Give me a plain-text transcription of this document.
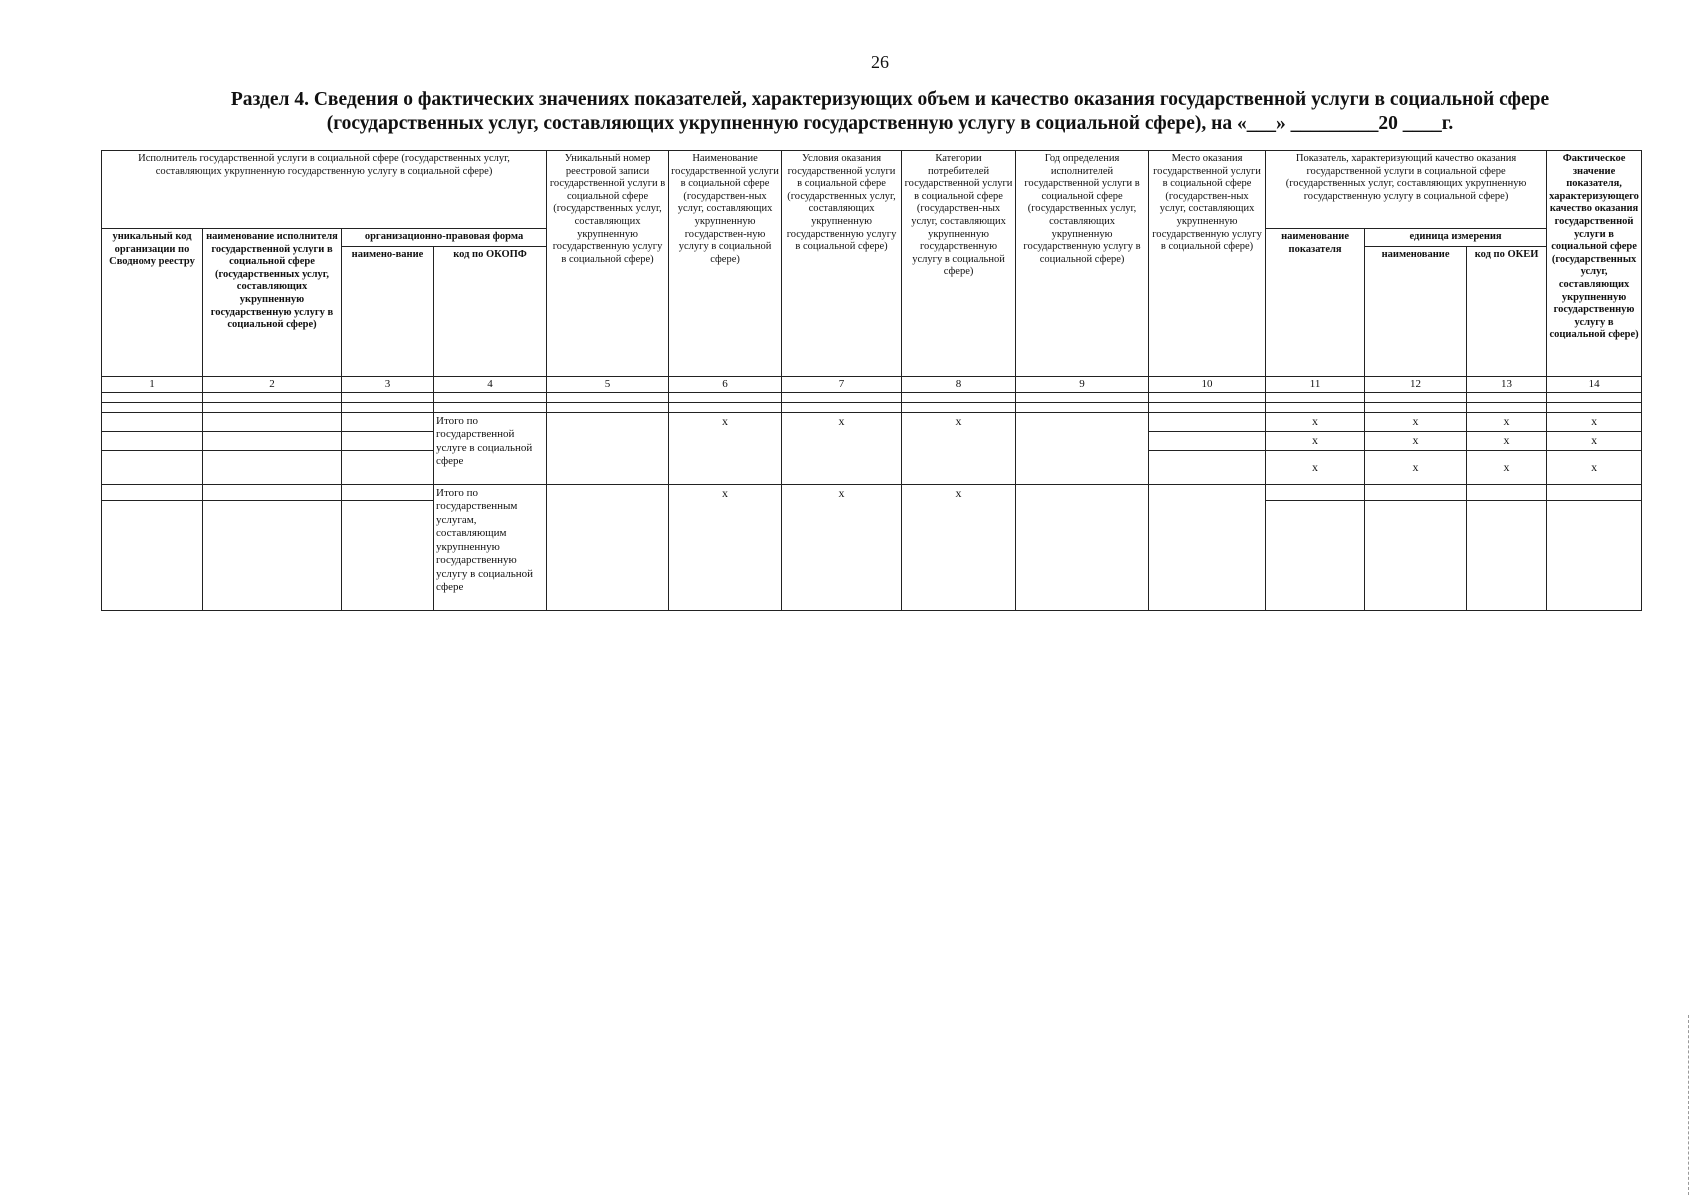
26
Раздел 4. Сведения о фактических значениях показателей, характеризующих объем и качество оказания государственной услуги в социальной сфере
(государственных услуг, составляющих укрупненную государственную услугу в социальной сфере), на «___» _________20 ____г.
Исполнитель государственной услуги в социальной сфере (государственных услуг, составляющих укрупненную государственную услугу в социальной сфере)				Уникальный номер реестровой записи государственной услуги в социальной сфере (государственных услуг, составляющих укрупненную государственную услугу в социальной сфере)	Наименование государственной услуги в социальной сфере (государствен-ных услуг, составляющих укрупненную государствен-ную услугу в социальной сфере)	Условия оказания государственной услуги в социальной сфере (государственных услуг, составляющих укрупненную государственную услугу в социальной сфере)	Категории потребителей государственной услуги в социальной сфере (государствен-ных услуг, составляющих укрупненную государственную услугу в социальной сфере)	Год определения исполнителей государственной услуги в социальной сфере (государственных услуг, составляющих укрупненную государственную услугу в социальной сфере)	Место оказания государственной услуги в социальной сфере (государствен-ных услуг, составляющих укрупненную государственную услугу в социальной сфере)	Показатель, характеризующий качество оказания государственной услуги в социальной сфере (государственных услуг, составляющих укрупненную государственную услугу в социальной сфере)			Фактическое значение показателя, характеризующего качество оказания государственной услуги в социальной сфере (государственных услуг, составляющих укрупненную государственную услугу в социальной сфере)
уникальный код организации по Сводному реестру	наименование исполнителя государственной услуги в социальной сфере (государственных услуг, составляющих укрупненную государственную услугу в социальной сфере)	организационно-правовая форма								наименование показателя	единица измерения		
		наимено-вание	код по ОКОПФ								наименование	код по ОКЕИ	
1	2	3	4	5	6	7	8	9	10	11	12	13	14

			Итого по государственной услуге в социальной сфере		x	x	x			x	x	x	x
										x	x	x	x
										x	x	x	x
			Итого по государственным услугам, составляющим укрупненную государственную услугу в социальной сфере		x	x	x						
